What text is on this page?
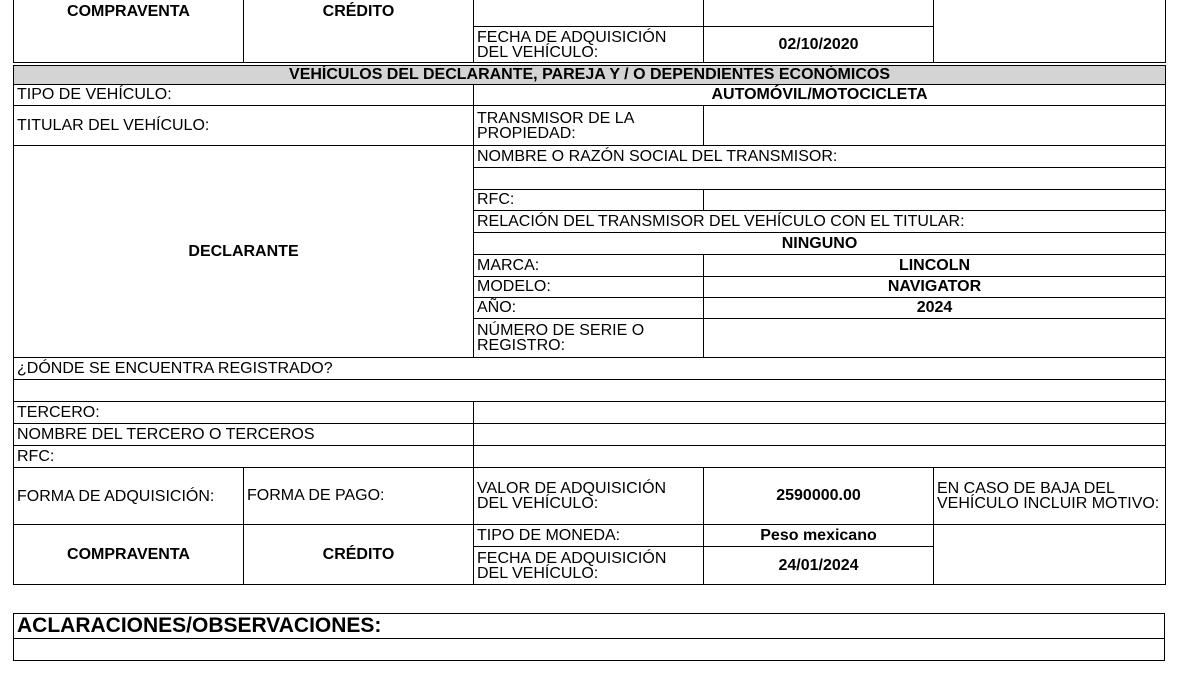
COMPRAVENTA	CRÉDITO			
		FECHA DE ADQUISICIÓN DEL VEHÍCULO:	02/10/2020	
VEHÍCULOS DEL DECLARANTE, PAREJA Y / O DEPENDIENTES ECONÓMICOS				
TIPO DE VEHÍCULO:		AUTOMÓVIL/MOTOCICLETA		
TITULAR DEL VEHÍCULO:		TRANSMISOR DE LA PROPIEDAD:		
DECLARANTE		NOMBRE O RAZÓN SOCIAL DEL TRANSMISOR:		

		RFC:		
		RELACIÓN DEL TRANSMISOR DEL VEHÍCULO CON EL TITULAR:		
		NINGUNO		
		MARCA:	LINCOLN	
		MODELO:	NAVIGATOR	
		AÑO:	2024	
		NÚMERO DE SERIE O REGISTRO:		

¿DÓNDE SE ENCUENTRA REGISTRADO?				

TERCERO:				
NOMBRE DEL TERCERO O TERCEROS				
RFC:				
FORMA DE ADQUISICIÓN:	FORMA DE PAGO:	VALOR DE ADQUISICIÓN DEL VEHÍCULO:	2590000.00	EN CASO DE BAJA DEL VEHÍCULO INCLUIR MOTIVO:
COMPRAVENTA	CRÉDITO	TIPO DE MONEDA:	Peso mexicano	
		FECHA DE ADQUISICIÓN DEL VEHÍCULO:	24/01/2024	
ACLARACIONES/OBSERVACIONES:
